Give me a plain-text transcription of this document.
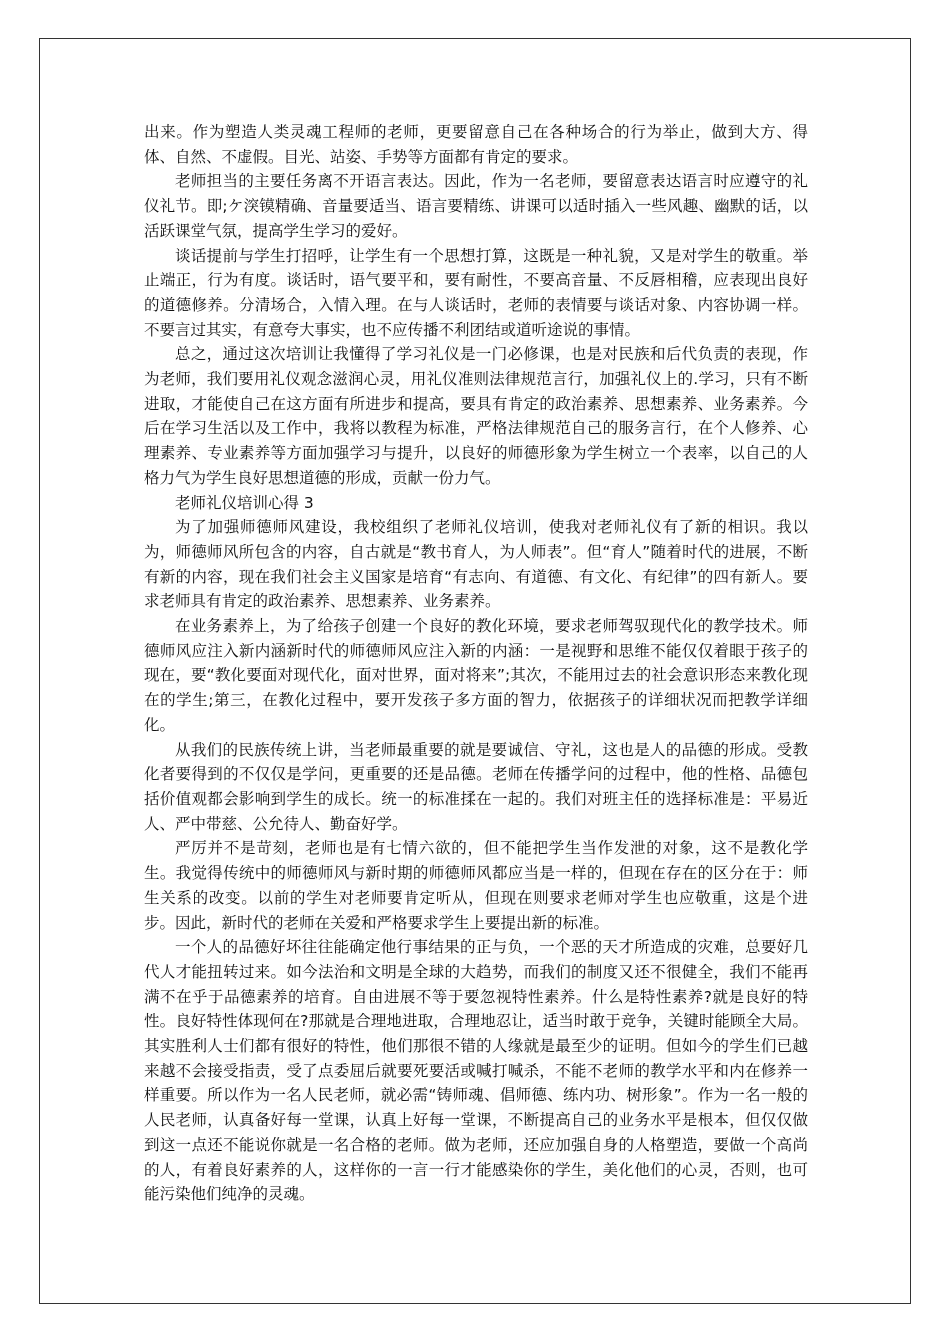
出来。作为塑造人类灵魂工程师的老师，更要留意自己在各种场合的行为举止，做到大方、得体、自然、不虚假。目光、站姿、手势等方面都有肯定的要求。

老师担当的主要任务离不开语言表达。因此，作为一名老师，要留意表达语言时应遵守的礼仪礼节。即;ケ湥镆精确、音量要适当、语言要精练、讲课可以适时插入一些风趣、幽默的话，以活跃课堂气氛，提高学生学习的爱好。

谈话提前与学生打招呼，让学生有一个思想打算，这既是一种礼貌，又是对学生的敬重。举止端正，行为有度。谈话时，语气要平和，要有耐性，不要高音量、不反唇相稽，应表现出良好的道德修养。分清场合，入情入理。在与人谈话时，老师的表情要与谈话对象、内容协调一样。不要言过其实，有意夸大事实，也不应传播不利团结或道听途说的事情。

总之，通过这次培训让我懂得了学习礼仪是一门必修课，也是对民族和后代负责的表现，作为老师，我们要用礼仪观念滋润心灵，用礼仪准则法律规范言行，加强礼仪上的.学习，只有不断进取，才能使自己在这方面有所进步和提高，要具有肯定的政治素养、思想素养、业务素养。今后在学习生活以及工作中，我将以教程为标准，严格法律规范自己的服务言行，在个人修养、心理素养、专业素养等方面加强学习与提升，以良好的师德形象为学生树立一个表率，以自己的人格力气为学生良好思想道德的形成，贡献一份力气。

老师礼仪培训心得 3

为了加强师德师风建设，我校组织了老师礼仪培训，使我对老师礼仪有了新的相识。我以为，师德师风所包含的内容，自古就是“教书育人，为人师表”。但“育人”随着时代的进展，不断有新的内容，现在我们社会主义国家是培育“有志向、有道德、有文化、有纪律”的四有新人。要求老师具有肯定的政治素养、思想素养、业务素养。

在业务素养上，为了给孩子创建一个良好的教化环境，要求老师驾驭现代化的教学技术。师德师风应注入新内涵新时代的师德师风应注入新的内涵：一是视野和思维不能仅仅着眼于孩子的现在，要“教化要面对现代化，面对世界，面对将来”;其次，不能用过去的社会意识形态来教化现在的学生;第三，在教化过程中，要开发孩子多方面的智力，依据孩子的详细状况而把教学详细化。

从我们的民族传统上讲，当老师最重要的就是要诚信、守礼，这也是人的品德的形成。受教化者要得到的不仅仅是学问，更重要的还是品德。老师在传播学问的过程中，他的性格、品德包括价值观都会影响到学生的成长。统一的标准揉在一起的。我们对班主任的选择标准是：平易近人、严中带慈、公允待人、勤奋好学。

严厉并不是苛刻，老师也是有七情六欲的，但不能把学生当作发泄的对象，这不是教化学生。我觉得传统中的师德师风与新时期的师德师风都应当是一样的，但现在存在的区分在于：师生关系的改变。以前的学生对老师要肯定听从，但现在则要求老师对学生也应敬重，这是个进步。因此，新时代的老师在关爱和严格要求学生上要提出新的标准。

一个人的品德好坏往往能确定他行事结果的正与负，一个恶的天才所造成的灾难，总要好几代人才能扭转过来。如今法治和文明是全球的大趋势，而我们的制度又还不很健全，我们不能再满不在乎于品德素养的培育。自由进展不等于要忽视特性素养。什么是特性素养?就是良好的特性。良好特性体现何在?那就是合理地进取，合理地忍让，适当时敢于竞争，关键时能顾全大局。其实胜利人士们都有很好的特性，他们那很不错的人缘就是最至少的证明。但如今的学生们已越来越不会接受指责，受了点委屈后就要死要活或喊打喊杀，不能不老师的教学水平和内在修养一样重要。所以作为一名人民老师，就必需“铸师魂、倡师德、练内功、树形象”。作为一名一般的人民老师，认真备好每一堂课，认真上好每一堂课，不断提高自己的业务水平是根本，但仅仅做到这一点还不能说你就是一名合格的老师。做为老师，还应加强自身的人格塑造，要做一个高尚的人，有着良好素养的人，这样你的一言一行才能感染你的学生，美化他们的心灵，否则，也可能污染他们纯净的灵魂。
